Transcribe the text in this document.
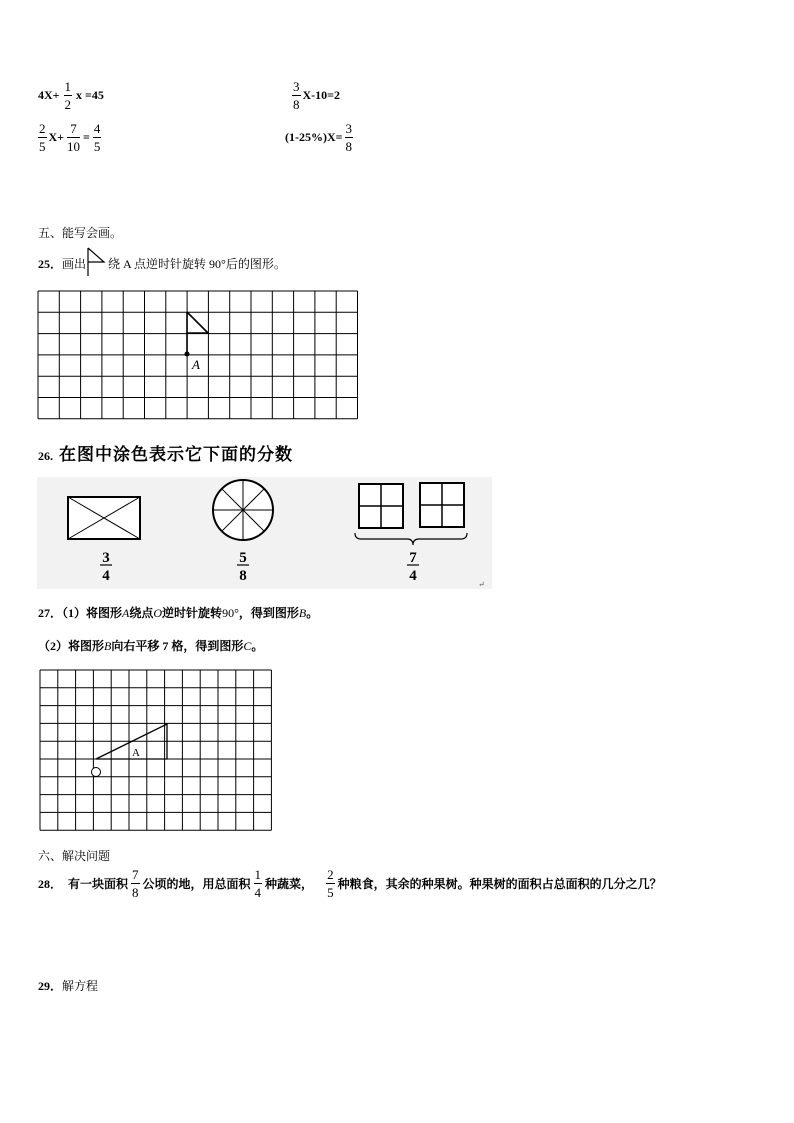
$4X+ \frac{1}{2}$ x =45	$\frac{3}{8} X-10=2$
$\frac{2}{5} X+ \frac{7}{10} = \frac{4}{5}$	$(1-25\%)X= \frac{3}{8}$
五、能写会画。
25． 画出 绕 A 点逆时针旋转 90°后的图形。
A
26. 在图中涂色表示它下面的分数
3
4
5
8
7
4
↵
27．（1）将图形A绕点O逆时针旋转90°，得到图形B。
（2）将图形B向右平移 7 格，得到图形C。
A
六、解决问题
28． 有一块面积 $\frac{7}{8}$ 公顷的地，用总面积 $\frac{1}{4}$ 种蔬菜， $\frac{2}{5}$ 种粮食，其余的种果树。种果树的面积占总面积的几分之几？
29．解方程
